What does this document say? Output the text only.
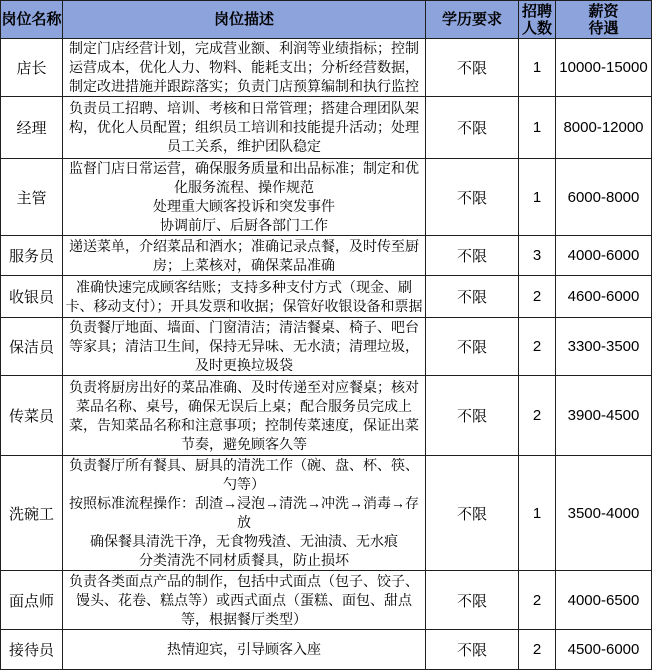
岗位名称	岗位描述	学历要求	招聘
人数	薪资
待遇
店长	制定门店经营计划，完成营业额、利润等业绩指标；控制运营成本，优化人力、物料、能耗支出；分析经营数据，制定改进措施并跟踪落实；负责门店预算编制和执行监控	不限	1	10000-15000
经理	负责员工招聘、培训、考核和日常管理；搭建合理团队架构，优化人员配置；组织员工培训和技能提升活动；处理员工关系，维护团队稳定	不限	1	8000-12000
主管	监督门店日常运营，确保服务质量和出品标准；制定和优化服务流程、操作规范
处理重大顾客投诉和突发事件
协调前厅、后厨各部门工作	不限	1	6000-8000
服务员	递送菜单，介绍菜品和酒水；准确记录点餐，及时传至厨房；上菜核对，确保菜品准确	不限	3	4000-6000
收银员	准确快速完成顾客结账；支持多种支付方式（现金、刷卡、移动支付）；开具发票和收据；保管好收银设备和票据	不限	2	4600-6000
保洁员	负责餐厅地面、墙面、门窗清洁；清洁餐桌、椅子、吧台等家具；清洁卫生间，保持无异味、无水渍；清理垃圾，及时更换垃圾袋	不限	2	3300-3500
传菜员	负责将厨房出好的菜品准确、及时传递至对应餐桌；核对菜品名称、桌号，确保无误后上桌；配合服务员完成上菜，告知菜品名称和注意事项；控制传菜速度，保证出菜节奏，避免顾客久等	不限	2	3900-4500
洗碗工	负责餐厅所有餐具、厨具的清洗工作（碗、盘、杯、筷、勺等）
按照标准流程操作：刮渣→浸泡→清洗→冲洗→消毒→存放
确保餐具清洗干净，无食物残渣、无油渍、无水痕
分类清洗不同材质餐具，防止损坏	不限	1	3500-4000
面点师	负责各类面点产品的制作，包括中式面点（包子、饺子、馒头、花卷、糕点等）或西式面点（蛋糕、面包、甜点等，根据餐厅类型）	不限	2	4000-6500
接待员	热情迎宾，引导顾客入座	不限	2	4500-6000
